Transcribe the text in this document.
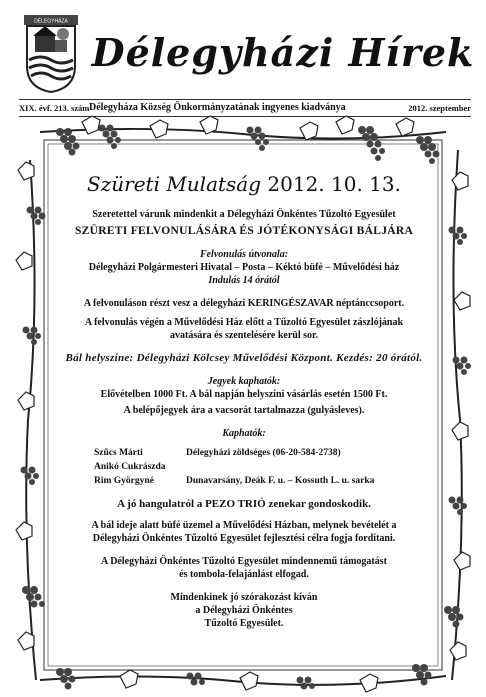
DÉLEGYHÁZA
Délegyházi Hírek
XIX. évf. 213. szám Délegyháza Község Önkormányzatának ingyenes kiadványa	2012. szeptember
Szüreti Mulatság 2012. 10. 13.

Szeretettel várunk mindenkit a Délegyházi Önkéntes Tűzoltó Egyesület

SZÜRETI FELVONULÁSÁRA ÉS JÓTÉKONYSÁGI BÁLJÁRA

Felvonulás útvonala:

Délegyházi Polgármesteri Hivatal – Posta – Kéktó büfé – Művelődési ház

Indulás 14 órától

A felvonuláson részt vesz a délegyházi KERINGÉSZAVAR néptánccsoport.

A felvonulás végén a Művelődési Ház előtt a Tűzoltó Egyesület zászlójának

avatására és szentelésére kerül sor.

Bál helyszíne: Délegyházi Kölcsey Művelődési Központ. Kezdés: 20 órától.

Jegyek kaphatók:

Elővételben 1000 Ft. A bál napján helyszíni vásárlás esetén 1500 Ft.

A belépőjegyek ára a vacsorát tartalmazza (gulyásleves).

Kaphatók:

Szűcs Márti	Délegyházi zöldséges (06-20-584-2738)
Anikó Cukrászda
Rim Györgyné	Dunavarsány, Deák F. u. – Kossuth L. u. sarka

A jó hangulatról a PEZO TRIÓ zenekar gondoskodik.

A bál ideje alatt büfé üzemel a Művelődési Házban, melynek bevételét a

Délegyházi Önkéntes Tűzoltó Egyesület fejlesztési célra fogja fordítani.

A Délegyházi Önkéntes Tűzoltó Egyesület mindennemű támogatást

és tombola-felajánlást elfogad.

Mindenkinek jó szórakozást kíván

a Délegyházi Önkéntes

Tűzoltó Egyesület.
